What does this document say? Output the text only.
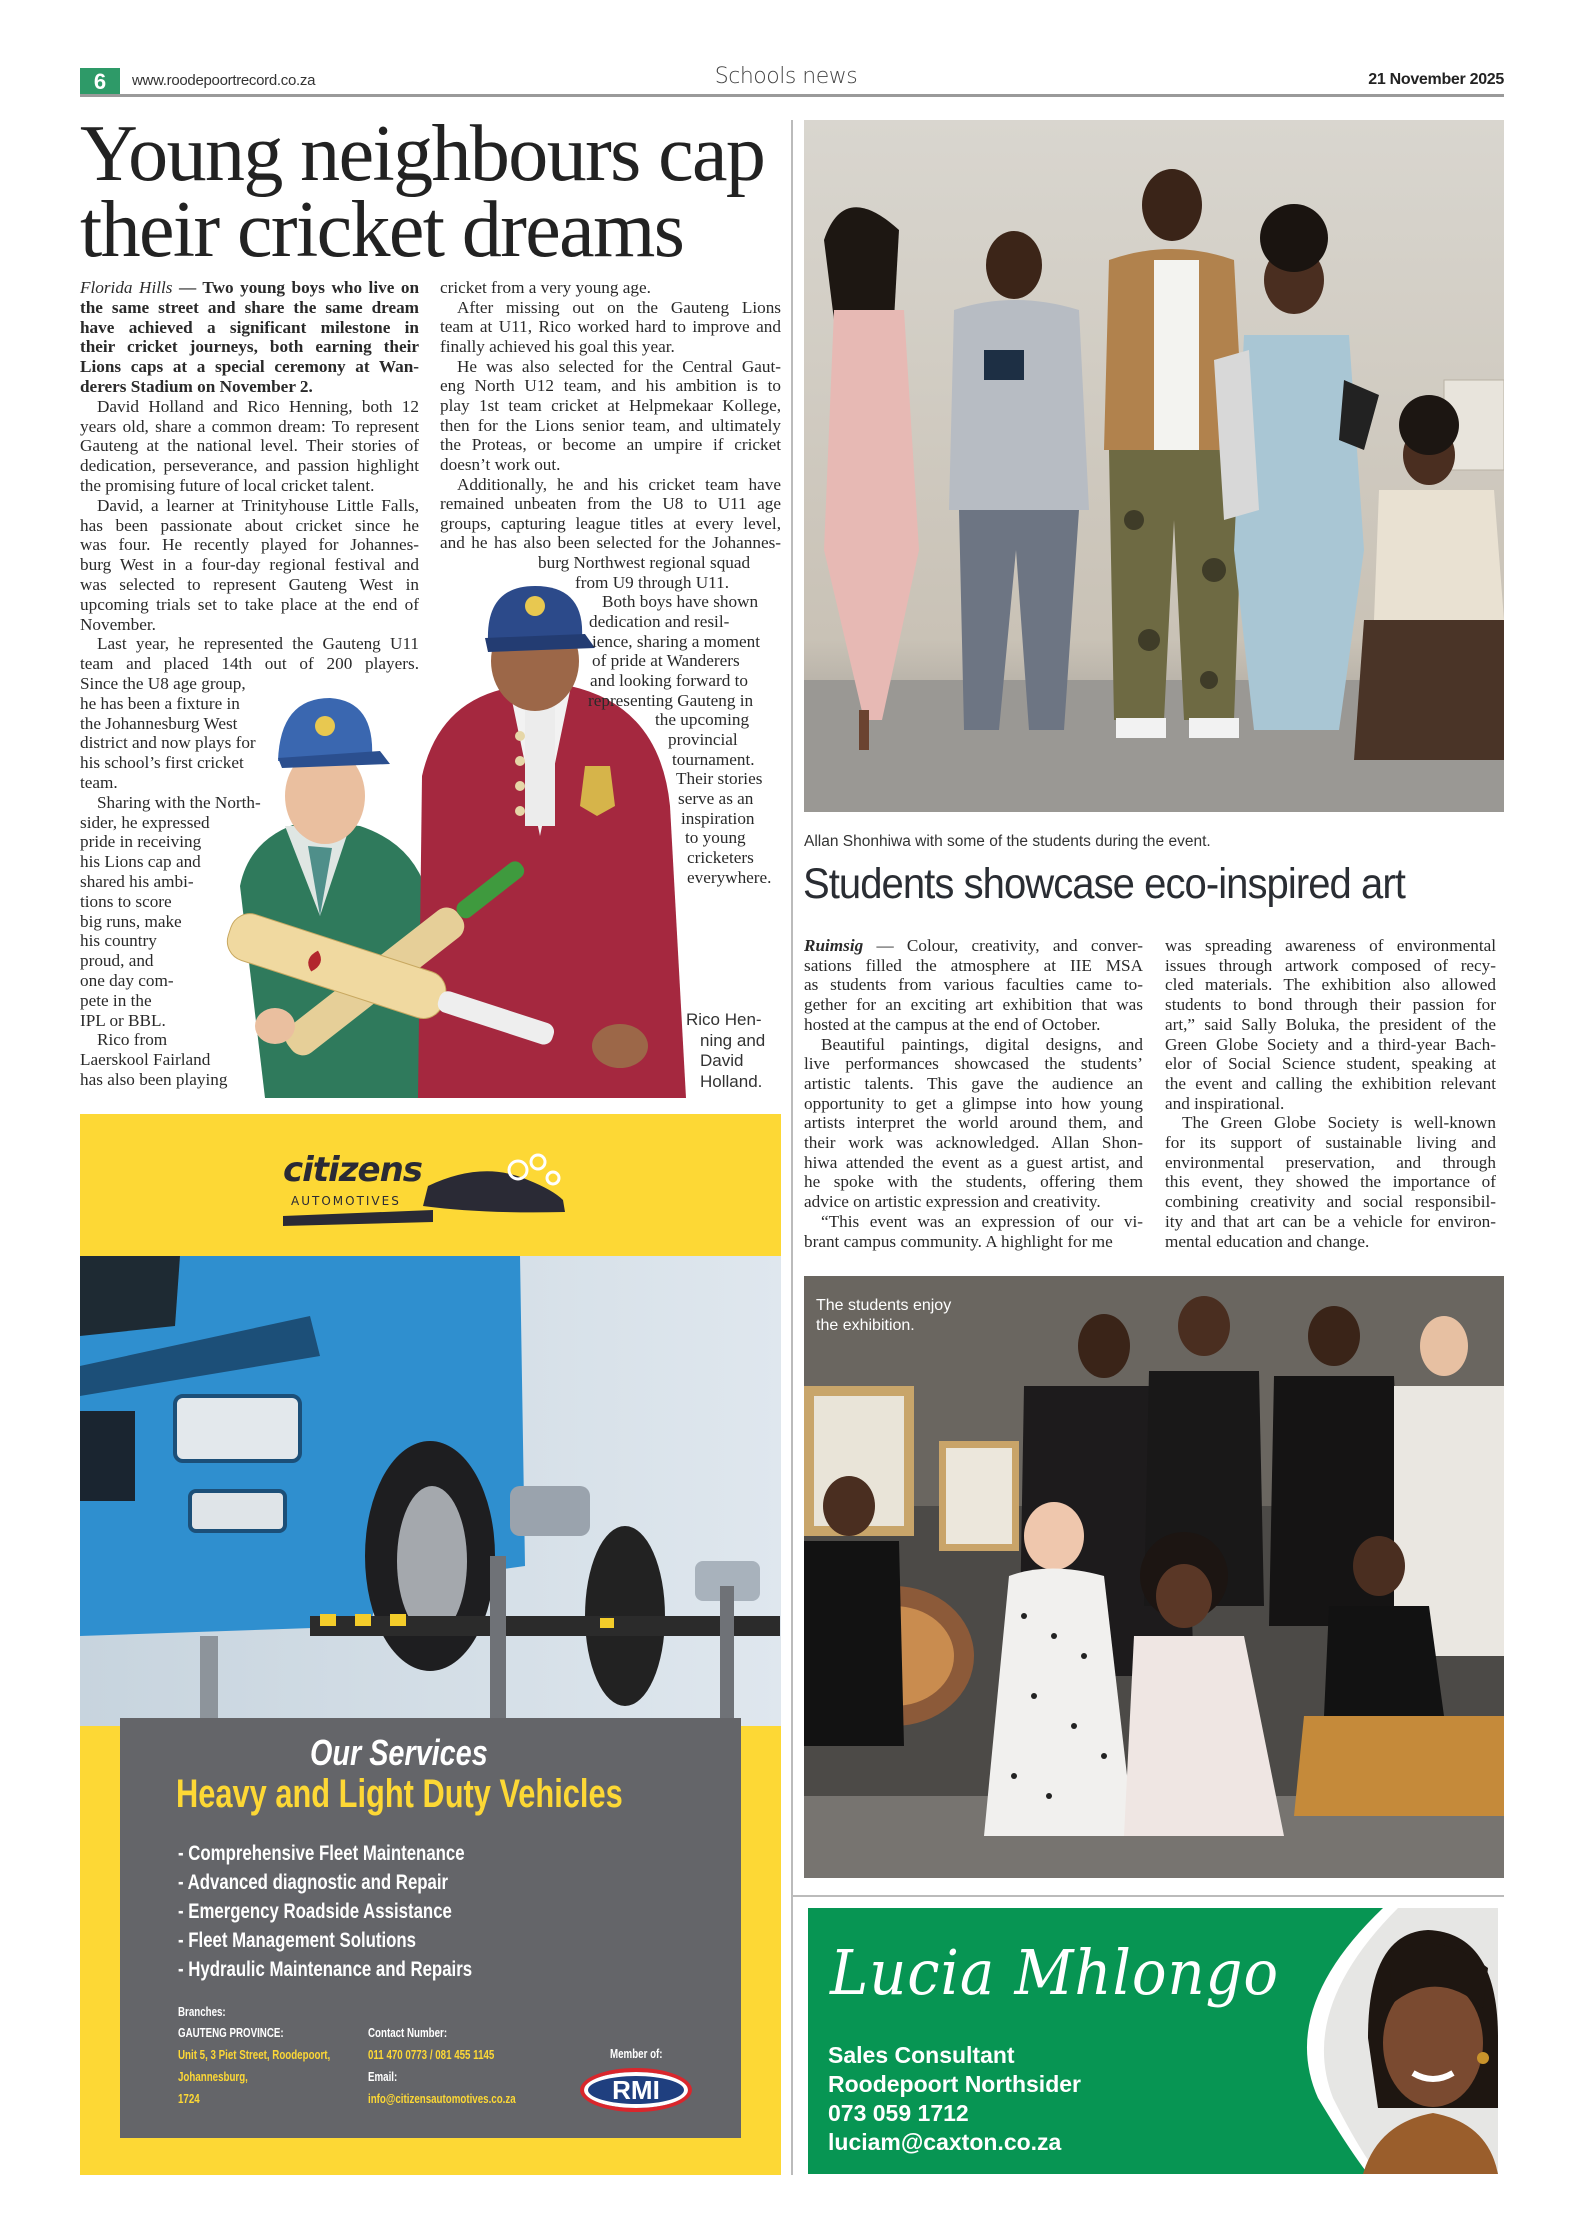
6	www.roodepoortrecord.co.za	Schools news	21 November 2025
Young neighbours cap
their cricket dreams
Florida Hills — Two young boys who live on
the same street and share the same dream
have achieved a significant milestone in
their cricket journeys, both earning their
Lions caps at a special ceremony at Wan-
derers Stadium on November 2.
David Holland and Rico Henning, both 12
years old, share a common dream: To represent
Gauteng at the national level. Their stories of
dedication, perseverance, and passion highlight
the promising future of local cricket talent.
David, a learner at Trinityhouse Little Falls,
has been passionate about cricket since he
was four. He recently played for Johannes-
burg West in a four-day regional festival and
was selected to represent Gauteng West in
upcoming trials set to take place at the end of
November.
Last year, he represented the Gauteng U11
team and placed 14th out of 200 players.
Since the U8 age group,
he has been a fixture in
the Johannesburg West
district and now plays for
his school’s first cricket
team.
Sharing with the North-
sider, he expressed
pride in receiving
his Lions cap and
shared his ambi-
tions to score
big runs, make
his country
proud, and
one day com-
pete in the
IPL or BBL.
Rico from
Laerskool Fairland
has also been playing
cricket from a very young age.
After missing out on the Gauteng Lions
team at U11, Rico worked hard to improve and
finally achieved his goal this year.
He was also selected for the Central Gaut-
eng North U12 team, and his ambition is to
play 1st team cricket at Helpmekaar Kollege,
then for the Lions senior team, and ultimately
the Proteas, or become an umpire if cricket
doesn’t work out.
Additionally, he and his cricket team have
remained unbeaten from the U8 to U11 age
groups, capturing league titles at every level,
and he has also been selected for the Johannes-
burg Northwest regional squad
from U9 through U11.
Both boys have shown
dedication and resil-
ience, sharing a moment
of pride at Wanderers
and looking forward to
representing Gauteng in
the upcoming
provincial
tournament.
Their stories
serve as an
inspiration
to young
cricketers
everywhere.
Rico Hen-
ning and
David
Holland.
Allan Shonhiwa with some of the students during the event.
Students showcase eco-inspired art
Ruimsig — Colour, creativity, and conver-
sations filled the atmosphere at IIE MSA
as students from various faculties came to-
gether for an exciting art exhibition that was
hosted at the campus at the end of October.
Beautiful paintings, digital designs, and
live performances showcased the students’
artistic talents. This gave the audience an
opportunity to get a glimpse into how young
artists interpret the world around them, and
their work was acknowledged. Allan Shon-
hiwa attended the event as a guest artist, and
he spoke with the students, offering them
advice on artistic expression and creativity.
“This event was an expression of our vi-
brant campus community. A highlight for me
was spreading awareness of environmental
issues through artwork composed of recy-
cled materials. The exhibition also allowed
students to bond through their passion for
art,” said Sally Boluka, the president of the
Green Globe Society and a third-year Bach-
elor of Social Science student, speaking at
the event and calling the exhibition relevant
and inspirational.
The Green Globe Society is well-known
for its support of sustainable living and
environmental preservation, and through
this event, they showed the importance of
combining creativity and social responsibil-
ity and that art can be a vehicle for environ-
mental education and change.
The students enjoy
the exhibition.
Lucia Mhlongo
Sales Consultant
Roodepoort Northsider
073 059 1712
luciam@caxton.co.za
citizens
AUTOMOTIVES
Our Services
Heavy and Light Duty Vehicles
- Comprehensive Fleet Maintenance
- Advanced diagnostic and Repair
- Emergency Roadside Assistance
- Fleet Management Solutions
- Hydraulic Maintenance and Repairs
Branches:
GAUTENG PROVINCE:
Unit 5, 3 Piet Street, Roodepoort,
Johannesburg,
1724
Contact Number:
011 470 0773 / 081 455 1145
Email:
info@citizensautomotives.co.za
Member of:
RMI
